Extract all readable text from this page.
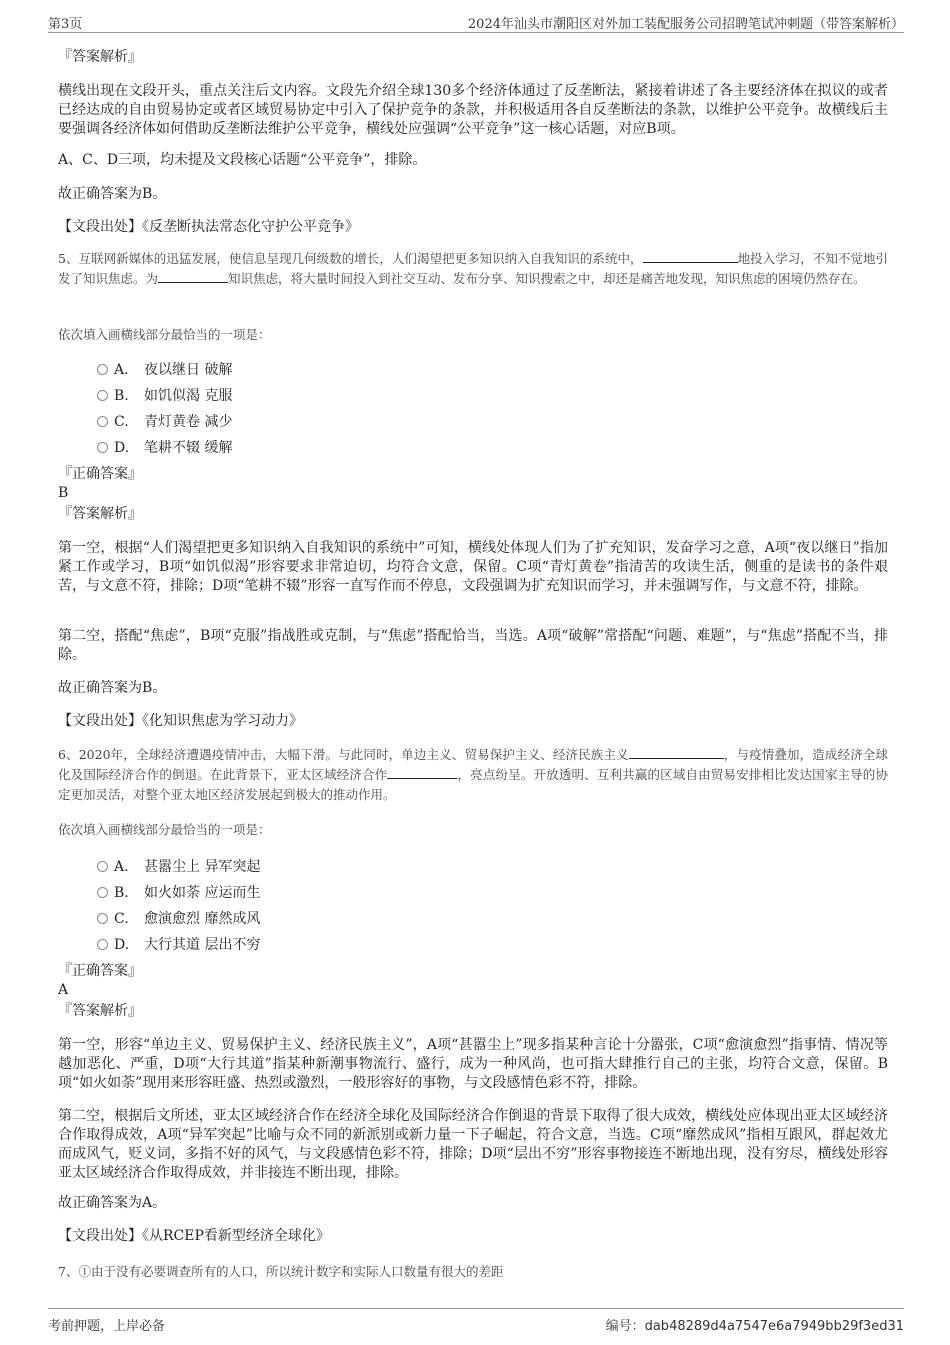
第3页	2024年汕头市潮阳区对外加工装配服务公司招聘笔试冲刺题（带答案解析）
『答案解析』
横线出现在文段开头，重点关注后文内容。文段先介绍全球130多个经济体通过了反垄断法，紧接着讲述了各主要经济体在拟议的或者已经达成的自由贸易协定或者区域贸易协定中引入了保护竞争的条款，并积极适用各自反垄断法的条款，以维护公平竞争。故横线后主要强调各经济体如何借助反垄断法维护公平竞争，横线处应强调“公平竞争”这一核心话题，对应B项。
A、C、D三项，均未提及文段核心话题“公平竞争”，排除。
故正确答案为B。
【文段出处】《反垄断执法常态化守护公平竞争》
5、互联网新媒体的迅猛发展，使信息呈现几何级数的增长，人们渴望把更多知识纳入自我知识的系统中，	地投入学习，不知不觉地引发了知识焦虑。为	知识焦虑，将大量时间投入到社交互动、发布分享、知识搜索之中，却还是痛苦地发现，知识焦虑的困境仍然存在。
依次填入画横线部分最恰当的一项是：
A. 夜以继日 破解
B. 如饥似渴 克服
C. 青灯黄卷 减少
D. 笔耕不辍 缓解
『正确答案』
B
『答案解析』
第一空，根据“人们渴望把更多知识纳入自我知识的系统中”可知，横线处体现人们为了扩充知识，发奋学习之意，A项“夜以继日”指加紧工作或学习，B项“如饥似渴”形容要求非常迫切，均符合文意，保留。C项“青灯黄卷”指清苦的攻读生活，侧重的是读书的条件艰苦，与文意不符，排除；D项“笔耕不辍”形容一直写作而不停息，文段强调为扩充知识而学习，并未强调写作，与文意不符，排除。
第二空，搭配“焦虑”，B项“克服”指战胜或克制，与“焦虑”搭配恰当，当选。A项“破解”常搭配“问题、难题”，与“焦虑”搭配不当，排除。
故正确答案为B。
【文段出处】《化知识焦虑为学习动力》
6、2020年，全球经济遭遇疫情冲击，大幅下滑。与此同时，单边主义、贸易保护主义、经济民族主义	，与疫情叠加，造成经济全球化及国际经济合作的倒退。在此背景下，亚太区域经济合作	，亮点纷呈。开放透明、互利共赢的区域自由贸易安排相比发达国家主导的协定更加灵活，对整个亚太地区经济发展起到极大的推动作用。
依次填入画横线部分最恰当的一项是：
A. 甚嚣尘上 异军突起
B. 如火如荼 应运而生
C. 愈演愈烈 靡然成风
D. 大行其道 层出不穷
『正确答案』
A
『答案解析』
第一空，形容“单边主义、贸易保护主义、经济民族主义”，A项“甚嚣尘上”现多指某种言论十分嚣张，C项“愈演愈烈”指事情、情况等越加恶化、严重，D项“大行其道”指某种新潮事物流行、盛行，成为一种风尚，也可指大肆推行自己的主张，均符合文意，保留。B项“如火如荼”现用来形容旺盛、热烈或激烈，一般形容好的事物，与文段感情色彩不符，排除。
第二空，根据后文所述，亚太区域经济合作在经济全球化及国际经济合作倒退的背景下取得了很大成效，横线处应体现出亚太区域经济合作取得成效，A项“异军突起”比喻与众不同的新派别或新力量一下子崛起，符合文意，当选。C项“靡然成风”指相互跟风，群起效尤而成风气，贬义词，多指不好的风气，与文段感情色彩不符，排除；D项“层出不穷”形容事物接连不断地出现，没有穷尽，横线处形容亚太区域经济合作取得成效，并非接连不断出现，排除。
故正确答案为A。
【文段出处】《从RCEP看新型经济全球化》
7、①由于没有必要调查所有的人口，所以统计数字和实际人口数量有很大的差距
考前押题，上岸必备	编号：dab48289d4a7547e6a7949bb29f3ed31
